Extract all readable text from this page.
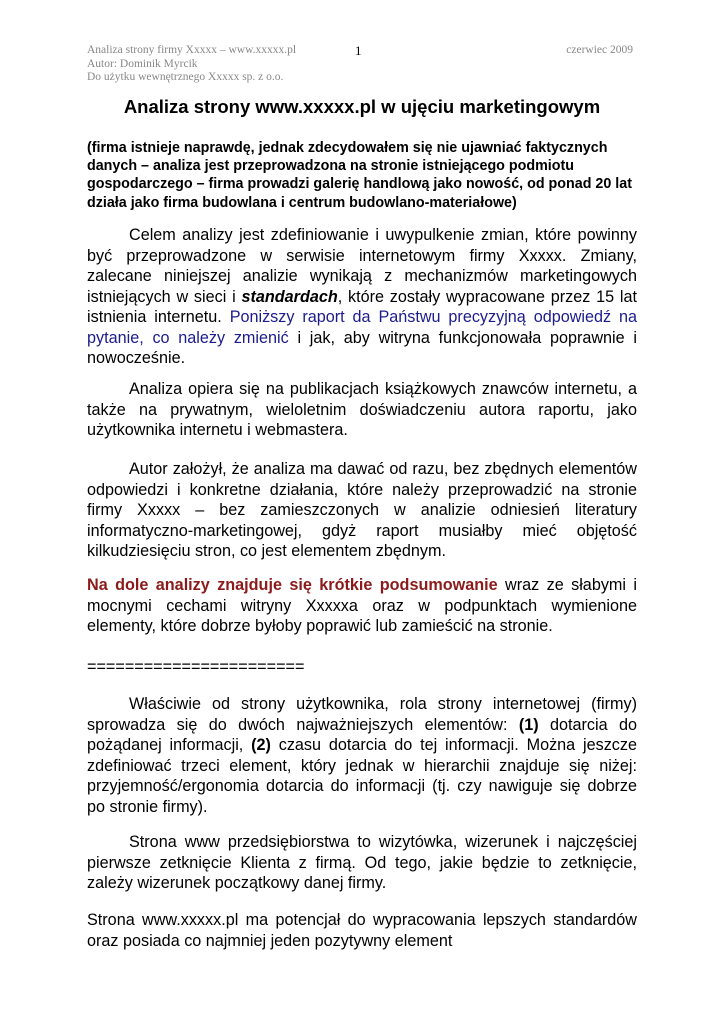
Analiza strony firmy Xxxxx – www.xxxxx.pl
Autor: Dominik Myrcik
Do użytku wewnętrznego Xxxxx sp. z o.o.
1	czerwiec 2009
Analiza strony www.xxxxx.pl w ujęciu marketingowym

(firma istnieje naprawdę, jednak zdecydowałem się nie ujawniać faktycznych danych – analiza jest przeprowadzona na stronie istniejącego podmiotu gospodarczego – firma prowadzi galerię handlową jako nowość, od ponad 20 lat działa jako firma budowlana i centrum budowlano-materiałowe)

Celem analizy jest zdefiniowanie i uwypulkenie zmian, które powinny być przeprowadzone w serwisie internetowym firmy Xxxxx. Zmiany, zalecane niniejszej analizie wynikają z mechanizmów marketingowych istniejących w sieci i standardach, które zostały wypracowane przez 15 lat istnienia internetu. Poniższy raport da Państwu precyzyjną odpowiedź na pytanie, co należy zmienić i jak, aby witryna funkcjonowała poprawnie i nowocześnie.

Analiza opiera się na publikacjach książkowych znawców internetu, a także na prywatnym, wieloletnim doświadczeniu autora raportu, jako użytkownika internetu i webmastera.

Autor założył, że analiza ma dawać od razu, bez zbędnych elementów odpowiedzi i konkretne działania, które należy przeprowadzić na stronie firmy Xxxxx – bez zamieszczonych w analizie odniesień literatury informatyczno-marketingowej, gdyż raport musiałby mieć objętość kilkudziesięciu stron, co jest elementem zbędnym.

Na dole analizy znajduje się krótkie podsumowanie wraz ze słabymi i mocnymi cechami witryny Xxxxxa oraz w podpunktach wymienione elementy, które dobrze byłoby poprawić lub zamieścić na stronie.

=======================

Właściwie od strony użytkownika, rola strony internetowej (firmy) sprowadza się do dwóch najważniejszych elementów: (1) dotarcia do pożądanej informacji, (2) czasu dotarcia do tej informacji. Można jeszcze zdefiniować trzeci element, który jednak w hierarchii znajduje się niżej: przyjemność/ergonomia dotarcia do informacji (tj. czy nawiguje się dobrze po stronie firmy).

Strona www przedsiębiorstwa to wizytówka, wizerunek i najczęściej pierwsze zetknięcie Klienta z firmą. Od tego, jakie będzie to zetknięcie, zależy wizerunek początkowy danej firmy.

Strona www.xxxxx.pl ma potencjał do wypracowania lepszych standardów oraz posiada co najmniej jeden pozytywny element
